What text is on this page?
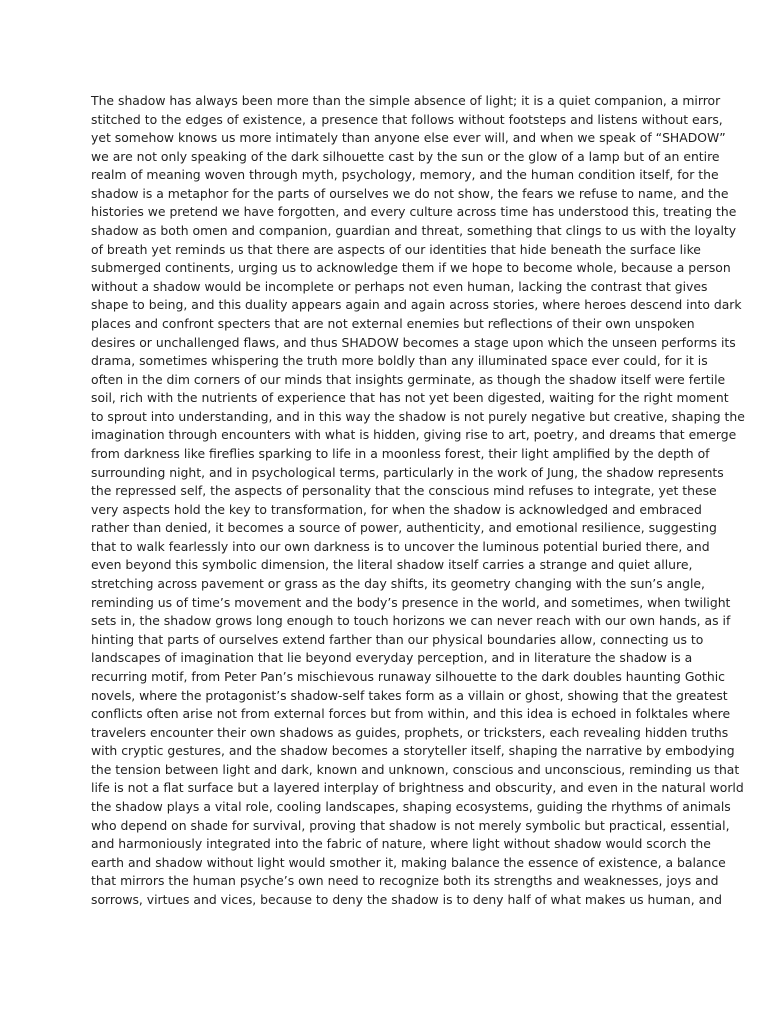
The shadow has always been more than the simple absence of light; it is a quiet companion, a mirror
stitched to the edges of existence, a presence that follows without footsteps and listens without ears,
yet somehow knows us more intimately than anyone else ever will, and when we speak of “SHADOW”
we are not only speaking of the dark silhouette cast by the sun or the glow of a lamp but of an entire
realm of meaning woven through myth, psychology, memory, and the human condition itself, for the
shadow is a metaphor for the parts of ourselves we do not show, the fears we refuse to name, and the
histories we pretend we have forgotten, and every culture across time has understood this, treating the
shadow as both omen and companion, guardian and threat, something that clings to us with the loyalty
of breath yet reminds us that there are aspects of our identities that hide beneath the surface like
submerged continents, urging us to acknowledge them if we hope to become whole, because a person
without a shadow would be incomplete or perhaps not even human, lacking the contrast that gives
shape to being, and this duality appears again and again across stories, where heroes descend into dark
places and confront specters that are not external enemies but reflections of their own unspoken
desires or unchallenged flaws, and thus SHADOW becomes a stage upon which the unseen performs its
drama, sometimes whispering the truth more boldly than any illuminated space ever could, for it is
often in the dim corners of our minds that insights germinate, as though the shadow itself were fertile
soil, rich with the nutrients of experience that has not yet been digested, waiting for the right moment
to sprout into understanding, and in this way the shadow is not purely negative but creative, shaping the
imagination through encounters with what is hidden, giving rise to art, poetry, and dreams that emerge
from darkness like fireflies sparking to life in a moonless forest, their light amplified by the depth of
surrounding night, and in psychological terms, particularly in the work of Jung, the shadow represents
the repressed self, the aspects of personality that the conscious mind refuses to integrate, yet these
very aspects hold the key to transformation, for when the shadow is acknowledged and embraced
rather than denied, it becomes a source of power, authenticity, and emotional resilience, suggesting
that to walk fearlessly into our own darkness is to uncover the luminous potential buried there, and
even beyond this symbolic dimension, the literal shadow itself carries a strange and quiet allure,
stretching across pavement or grass as the day shifts, its geometry changing with the sun’s angle,
reminding us of time’s movement and the body’s presence in the world, and sometimes, when twilight
sets in, the shadow grows long enough to touch horizons we can never reach with our own hands, as if
hinting that parts of ourselves extend farther than our physical boundaries allow, connecting us to
landscapes of imagination that lie beyond everyday perception, and in literature the shadow is a
recurring motif, from Peter Pan’s mischievous runaway silhouette to the dark doubles haunting Gothic
novels, where the protagonist’s shadow-self takes form as a villain or ghost, showing that the greatest
conflicts often arise not from external forces but from within, and this idea is echoed in folktales where
travelers encounter their own shadows as guides, prophets, or tricksters, each revealing hidden truths
with cryptic gestures, and the shadow becomes a storyteller itself, shaping the narrative by embodying
the tension between light and dark, known and unknown, conscious and unconscious, reminding us that
life is not a flat surface but a layered interplay of brightness and obscurity, and even in the natural world
the shadow plays a vital role, cooling landscapes, shaping ecosystems, guiding the rhythms of animals
who depend on shade for survival, proving that shadow is not merely symbolic but practical, essential,
and harmoniously integrated into the fabric of nature, where light without shadow would scorch the
earth and shadow without light would smother it, making balance the essence of existence, a balance
that mirrors the human psyche’s own need to recognize both its strengths and weaknesses, joys and
sorrows, virtues and vices, because to deny the shadow is to deny half of what makes us human, and
